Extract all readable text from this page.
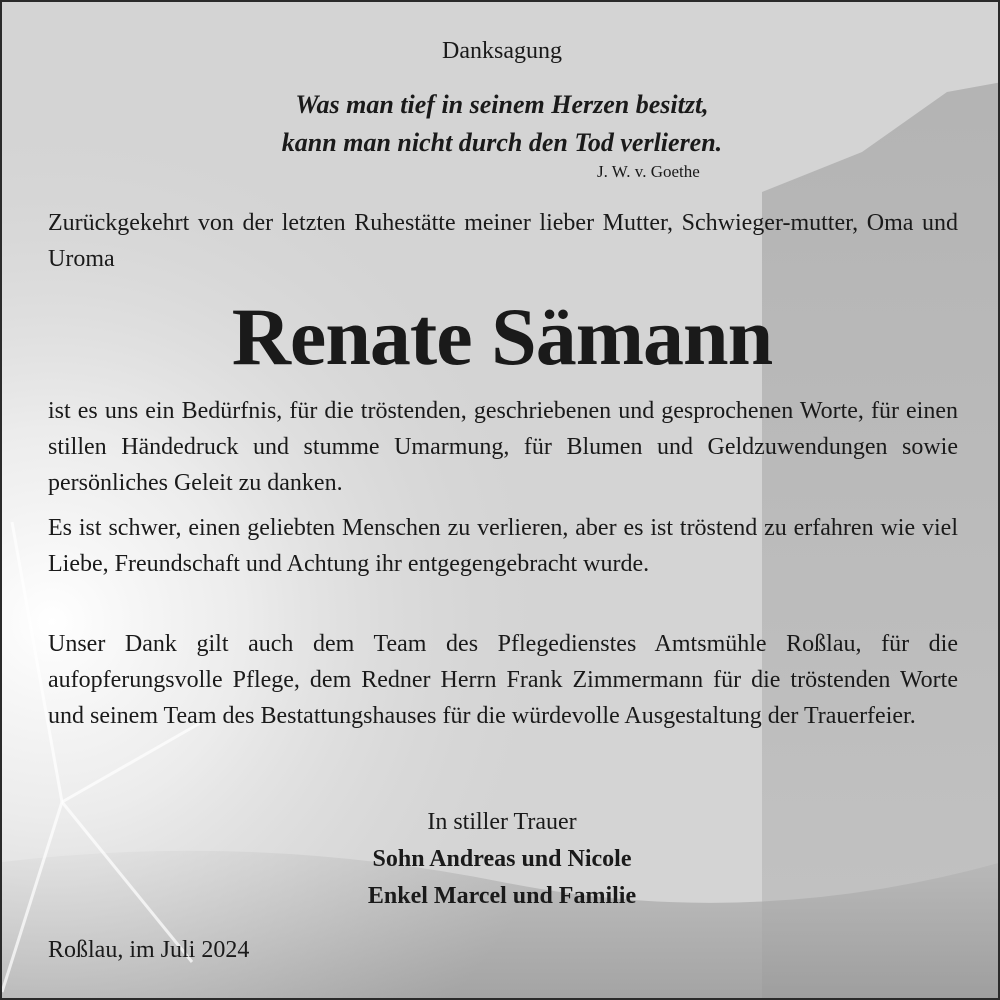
Danksagung
Was man tief in seinem Herzen besitzt,
kann man nicht durch den Tod verlieren.
J. W. v. Goethe
Zurückgekehrt von der letzten Ruhestätte meiner lieber Mutter, Schwieger-mutter, Oma und Uroma
Renate Sämann

ist es uns ein Bedürfnis, für die tröstenden, geschriebenen und gesprochenen Worte, für einen stillen Händedruck und stumme Umarmung, für Blumen und Geldzuwendungen sowie persönliches Geleit zu danken.

Es ist schwer, einen geliebten Menschen zu verlieren, aber es ist tröstend zu erfahren wie viel Liebe, Freundschaft und Achtung ihr entgegengebracht wurde.

Unser Dank gilt auch dem Team des Pflegedienstes Amtsmühle Roßlau, für die aufopferungsvolle Pflege, dem Redner Herrn Frank Zimmermann für die tröstenden Worte und seinem Team des Bestattungshauses für die würdevolle Ausgestaltung der Trauerfeier.

In stiller Trauer
Sohn Andreas und Nicole
Enkel Marcel und Familie
Roßlau, im Juli 2024
